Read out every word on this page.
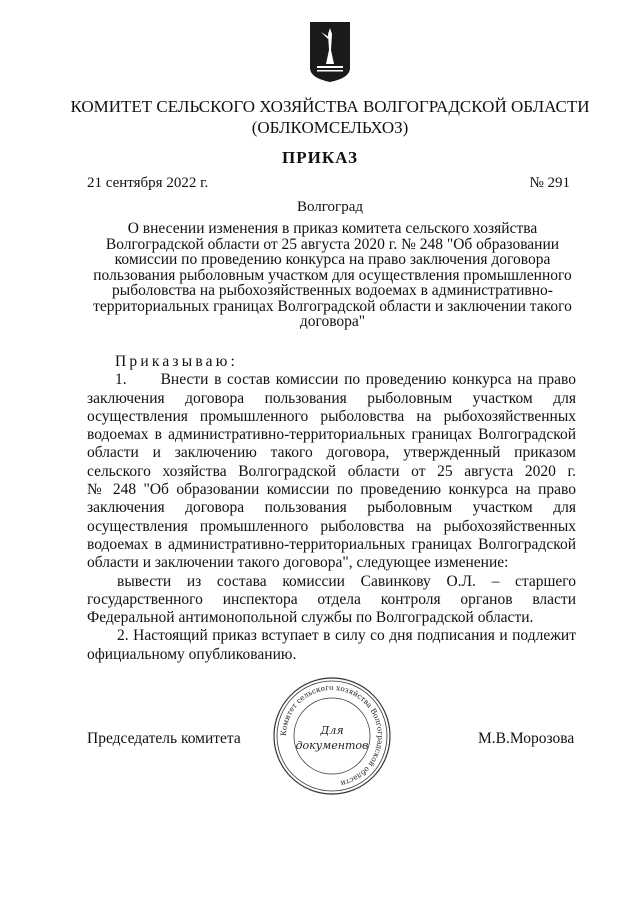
КОМИТЕТ СЕЛЬСКОГО ХОЗЯЙСТВА ВОЛГОГРАДСКОЙ ОБЛАСТИ
(ОБЛКОМСЕЛЬХОЗ)
ПРИКАЗ
21 сентября 2022 г.	№ 291
Волгоград
О внесении изменения в приказ комитета сельского хозяйства
Волгоградской области от 25 августа 2020 г. № 248 "Об образовании
комиссии по проведению конкурса на право заключения договора
пользования рыболовным участком для осуществления промышленного
рыболовства на рыбохозяйственных водоемах в административно-
территориальных границах Волгоградской области и заключении такого
договора"
Приказываю:
1.      Внести в состав комиссии по проведению конкурса на право
заключения договора пользования рыболовным участком для
осуществления промышленного рыболовства на рыбохозяйственных
водоемах в административно-территориальных границах Волгоградской
области и заключению такого договора, утвержденный приказом
сельского хозяйства Волгоградской области от 25 августа 2020 г.
№ 248 "Об образовании комиссии по проведению конкурса на право
заключения договора пользования рыболовным участком для
осуществления промышленного рыболовства на рыбохозяйственных
водоемах в административно-территориальных границах Волгоградской
области и заключении такого договора", следующее изменение:
вывести из состава комиссии Савинкову О.Л. – старшего
государственного инспектора отдела контроля органов власти
Федеральной антимонопольной службы по Волгоградской области.
2. Настоящий приказ вступает в силу со дня подписания и подлежит
официальному опубликованию.
Председатель комитета	М.В.Морозова
Комитет сельского хозяйства Волгоградской области
Для
документов
